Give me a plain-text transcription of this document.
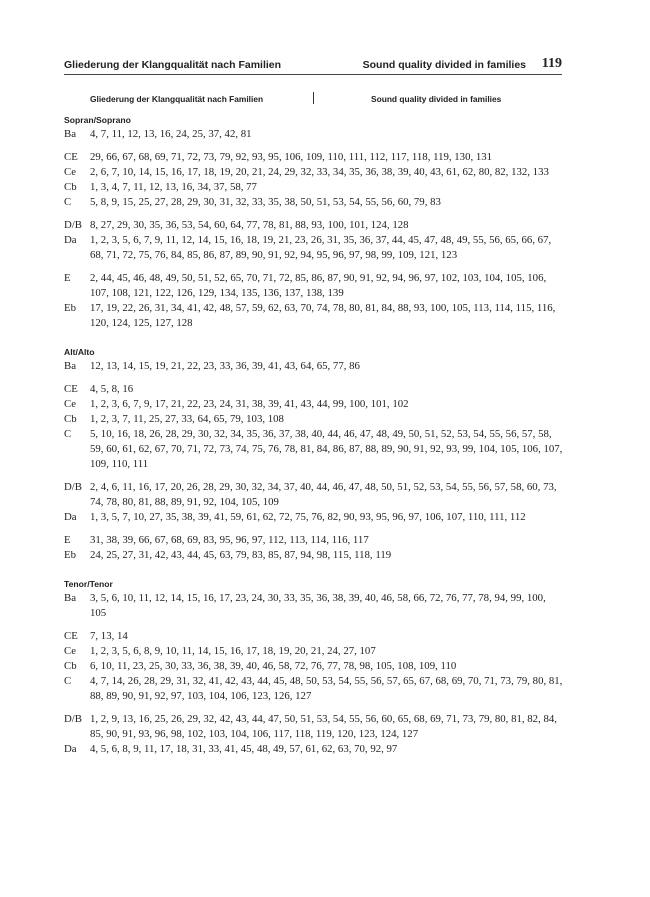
Gliederung der Klangqualität nach Familien	Sound quality divided in families 119
Gliederung der Klangqualität nach Familien	Sound quality divided in families
Sopran/Soprano
Ba	4, 7, 11, 12, 13, 16, 24, 25, 37, 42, 81
CE	29, 66, 67, 68, 69, 71, 72, 73, 79, 92, 93, 95, 106, 109, 110, 111, 112, 117, 118, 119, 130, 131
Ce	2, 6, 7, 10, 14, 15, 16, 17, 18, 19, 20, 21, 24, 29, 32, 33, 34, 35, 36, 38, 39, 40, 43, 61, 62, 80, 82, 132, 133
Cb	1, 3, 4, 7, 11, 12, 13, 16, 34, 37, 58, 77
C	5, 8, 9, 15, 25, 27, 28, 29, 30, 31, 32, 33, 35, 38, 50, 51, 53, 54, 55, 56, 60, 79, 83
D/B 8, 27, 29, 30, 35, 36, 53, 54, 60, 64, 77, 78, 81, 88, 93, 100, 101, 124, 128
Da	1, 2, 3, 5, 6, 7, 9, 11, 12, 14, 15, 16, 18, 19, 21, 23, 26, 31, 35, 36, 37, 44, 45, 47, 48, 49, 55, 56, 65, 66, 67, 68, 71, 72, 75, 76, 84, 85, 86, 87, 89, 90, 91, 92, 94, 95, 96, 97, 98, 99, 109, 121, 123
E	2, 44, 45, 46, 48, 49, 50, 51, 52, 65, 70, 71, 72, 85, 86, 87, 90, 91, 92, 94, 96, 97, 102, 103, 104, 105, 106, 107, 108, 121, 122, 126, 129, 134, 135, 136, 137, 138, 139
Eb	17, 19, 22, 26, 31, 34, 41, 42, 48, 57, 59, 62, 63, 70, 74, 78, 80, 81, 84, 88, 93, 100, 105, 113, 114, 115, 116, 120, 124, 125, 127, 128
Alt/Alto
Ba	12, 13, 14, 15, 19, 21, 22, 23, 33, 36, 39, 41, 43, 64, 65, 77, 86
CE	4, 5, 8, 16
Ce	1, 2, 3, 6, 7, 9, 17, 21, 22, 23, 24, 31, 38, 39, 41, 43, 44, 99, 100, 101, 102
Cb	1, 2, 3, 7, 11, 25, 27, 33, 64, 65, 79, 103, 108
C	5, 10, 16, 18, 26, 28, 29, 30, 32, 34, 35, 36, 37, 38, 40, 44, 46, 47, 48, 49, 50, 51, 52, 53, 54, 55, 56, 57, 58, 59, 60, 61, 62, 67, 70, 71, 72, 73, 74, 75, 76, 78, 81, 84, 86, 87, 88, 89, 90, 91, 92, 93, 99, 104, 105, 106, 107, 109, 110, 111
D/B 2, 4, 6, 11, 16, 17, 20, 26, 28, 29, 30, 32, 34, 37, 40, 44, 46, 47, 48, 50, 51, 52, 53, 54, 55, 56, 57, 58, 60, 73, 74, 78, 80, 81, 88, 89, 91, 92, 104, 105, 109
Da	1, 3, 5, 7, 10, 27, 35, 38, 39, 41, 59, 61, 62, 72, 75, 76, 82, 90, 93, 95, 96, 97, 106, 107, 110, 111, 112
E	31, 38, 39, 66, 67, 68, 69, 83, 95, 96, 97, 112, 113, 114, 116, 117
Eb	24, 25, 27, 31, 42, 43, 44, 45, 63, 79, 83, 85, 87, 94, 98, 115, 118, 119
Tenor/Tenor
Ba	3, 5, 6, 10, 11, 12, 14, 15, 16, 17, 23, 24, 30, 33, 35, 36, 38, 39, 40, 46, 58, 66, 72, 76, 77, 78, 94, 99, 100, 105
CE	7, 13, 14
Ce	1, 2, 3, 5, 6, 8, 9, 10, 11, 14, 15, 16, 17, 18, 19, 20, 21, 24, 27, 107
Cb	6, 10, 11, 23, 25, 30, 33, 36, 38, 39, 40, 46, 58, 72, 76, 77, 78, 98, 105, 108, 109, 110
C	4, 7, 14, 26, 28, 29, 31, 32, 41, 42, 43, 44, 45, 48, 50, 53, 54, 55, 56, 57, 65, 67, 68, 69, 70, 71, 73, 79, 80, 81, 88, 89, 90, 91, 92, 97, 103, 104, 106, 123, 126, 127
D/B 1, 2, 9, 13, 16, 25, 26, 29, 32, 42, 43, 44, 47, 50, 51, 53, 54, 55, 56, 60, 65, 68, 69, 71, 73, 79, 80, 81, 82, 84, 85, 90, 91, 93, 96, 98, 102, 103, 104, 106, 117, 118, 119, 120, 123, 124, 127
Da	4, 5, 6, 8, 9, 11, 17, 18, 31, 33, 41, 45, 48, 49, 57, 61, 62, 63, 70, 92, 97
